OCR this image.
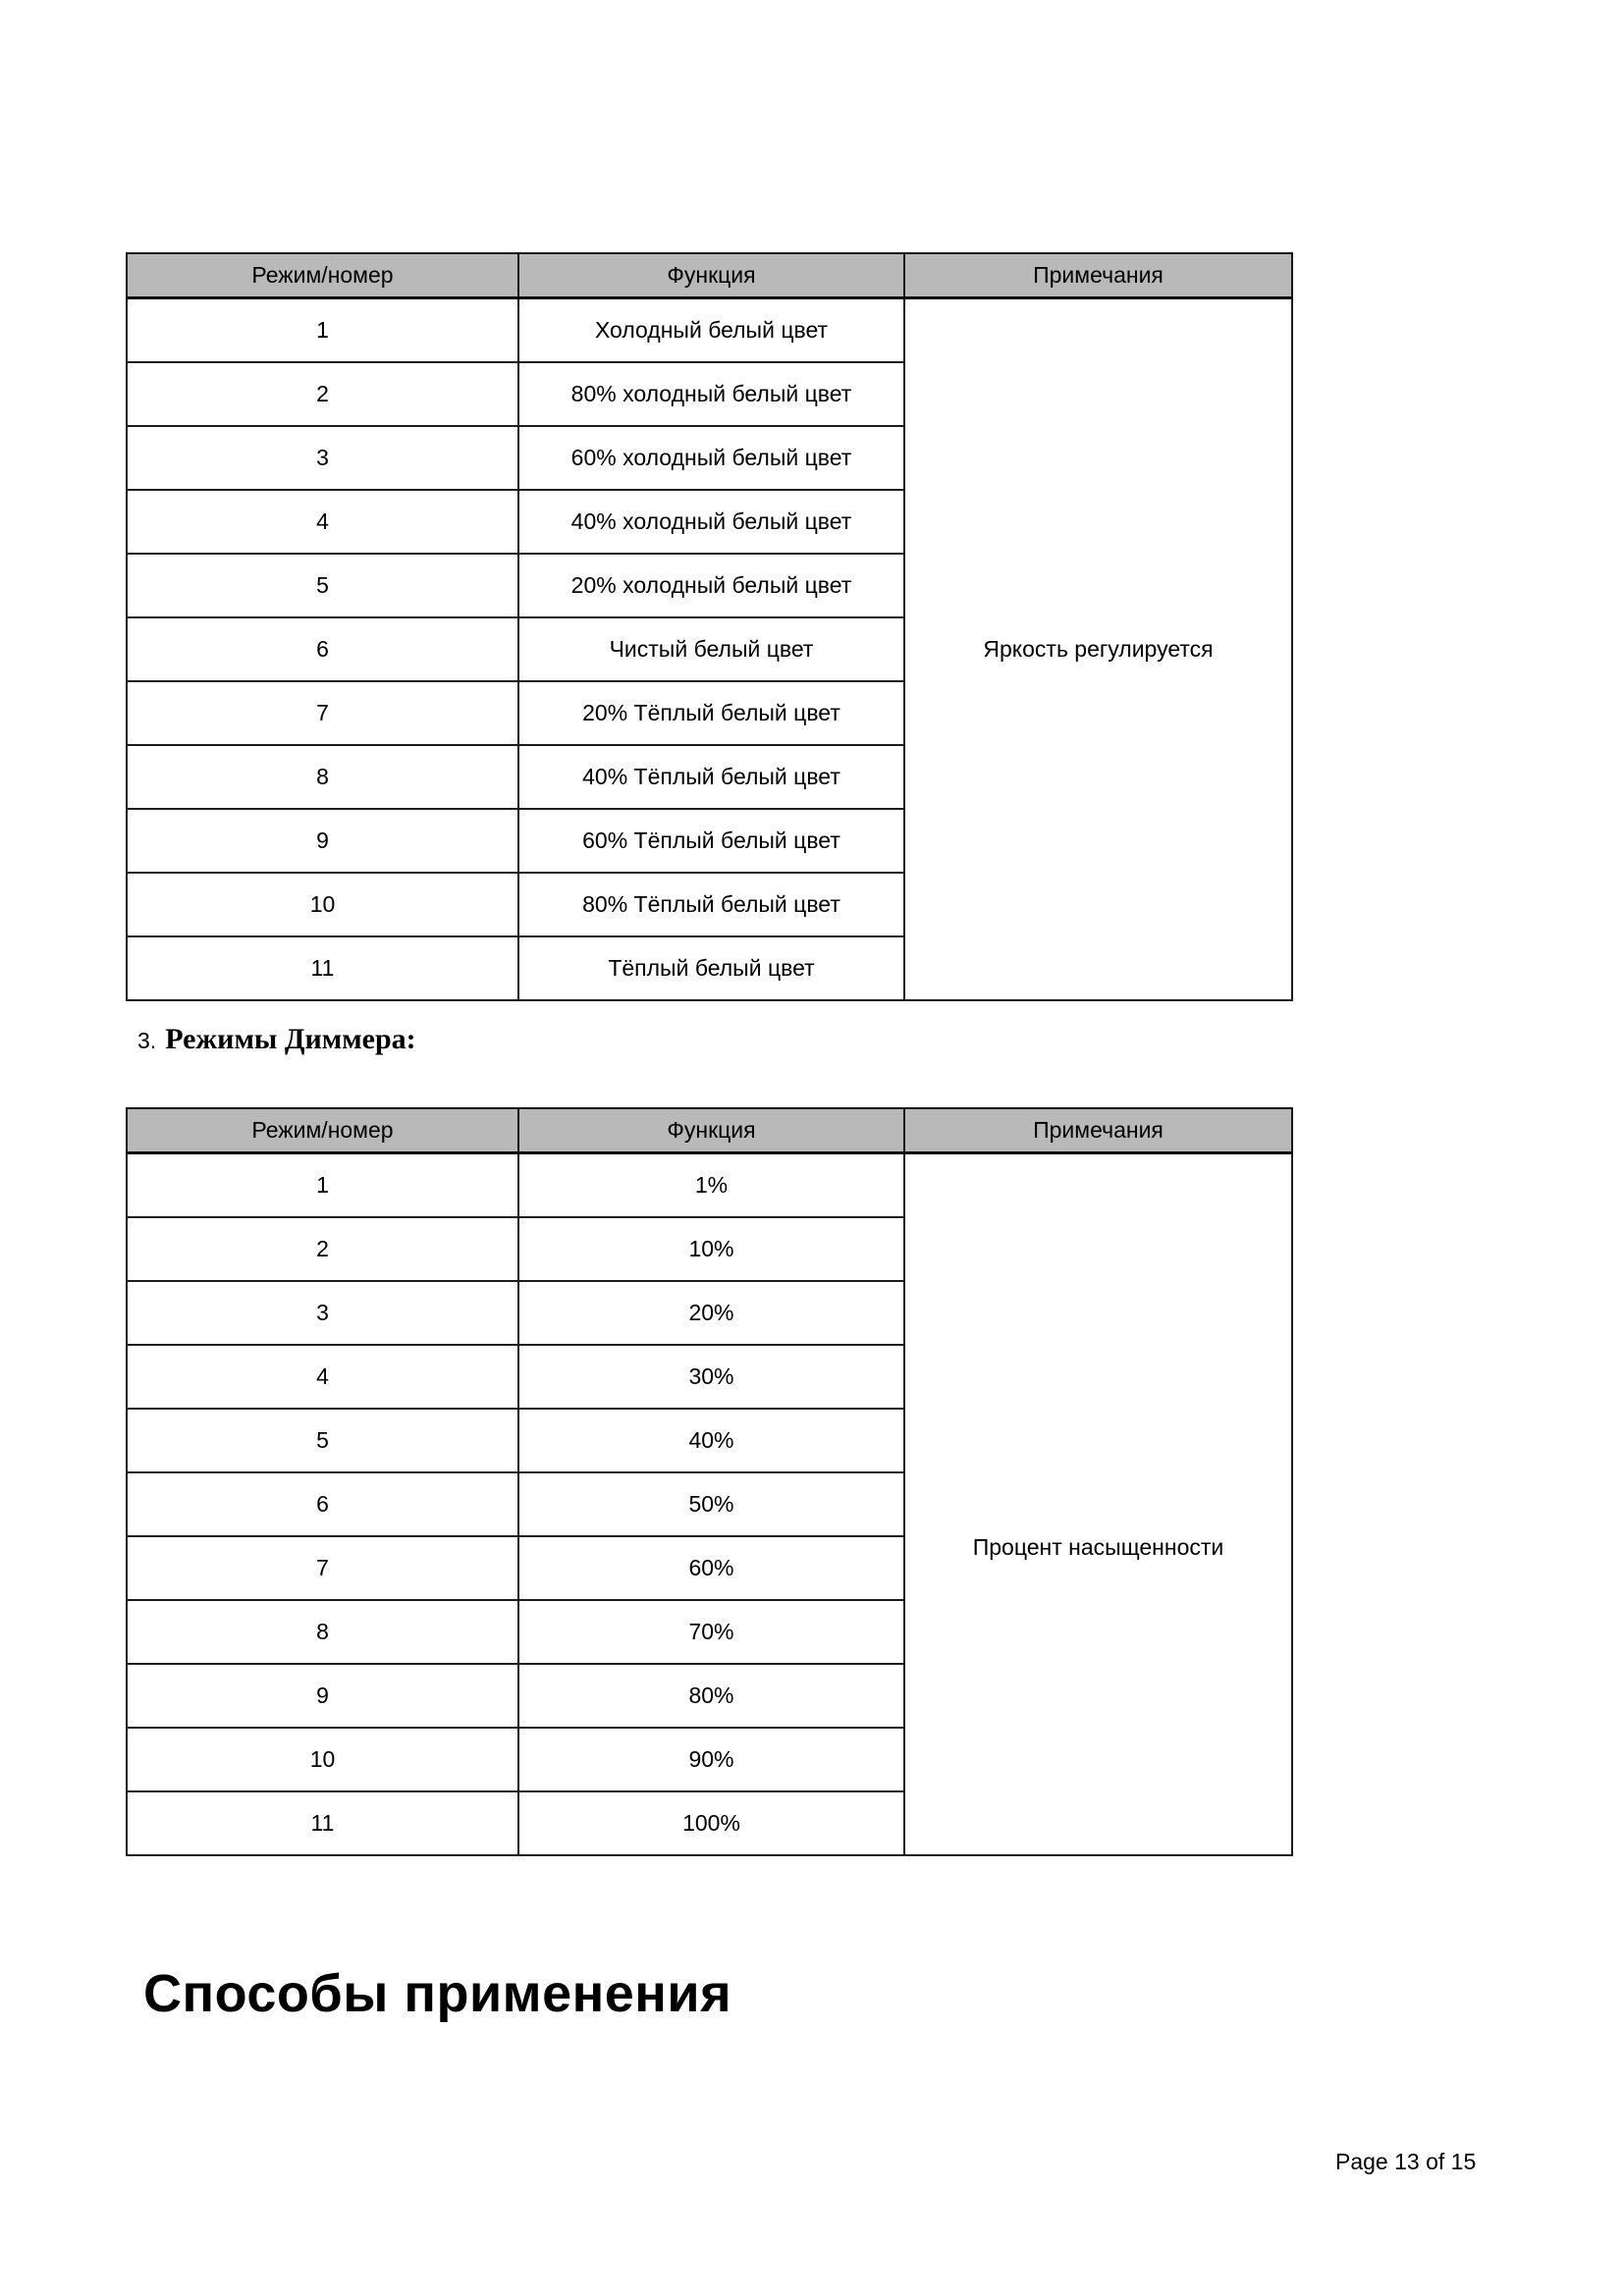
Режим/номер	Функция	Примечания
1	Холодный белый цвет	Яркость регулируется
2	80% холодный белый цвет	
3	60% холодный белый цвет	
4	40% холодный белый цвет	
5	20% холодный белый цвет	
6	Чистый белый цвет	
7	20% Тёплый белый цвет	
8	40% Тёплый белый цвет	
9	60% Тёплый белый цвет	
10	80% Тёплый белый цвет	
11	Тёплый белый цвет	
3. Режимы Диммера:
Режим/номер	Функция	Примечания
1	1%	Процент насыщенности
2	10%	
3	20%	
4	30%	
5	40%	
6	50%	
7	60%	
8	70%	
9	80%	
10	90%	
11	100%	
Способы применения
Page 13 of 15
